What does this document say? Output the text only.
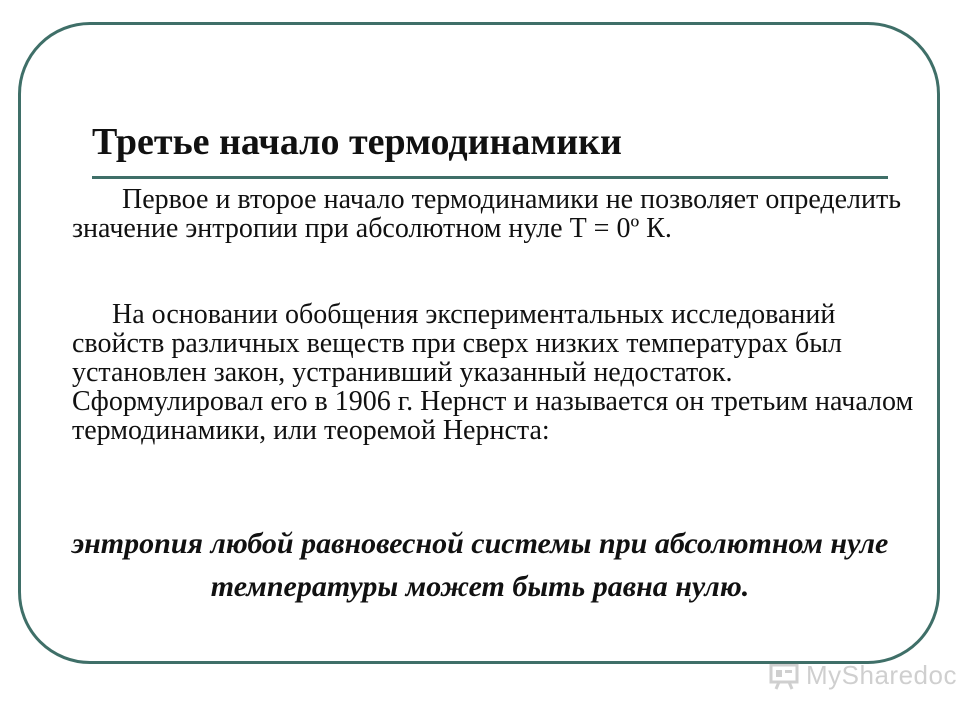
Третье начало термодинамики

Первое и второе начало термодинамики не позволяет определить значение энтропии при абсолютном нуле Т = 0º К.

На основании обобщения экспериментальных исследований свойств различных веществ при сверх низких температурах был установлен закон, устранивший указанный недостаток. Сформулировал его в 1906 г. Нернст и называется он третьим началом термодинамики, или теоремой Нернста:

энтропия любой равновесной системы при абсолютном нуле температуры может быть равна нулю.

MySharedoc
